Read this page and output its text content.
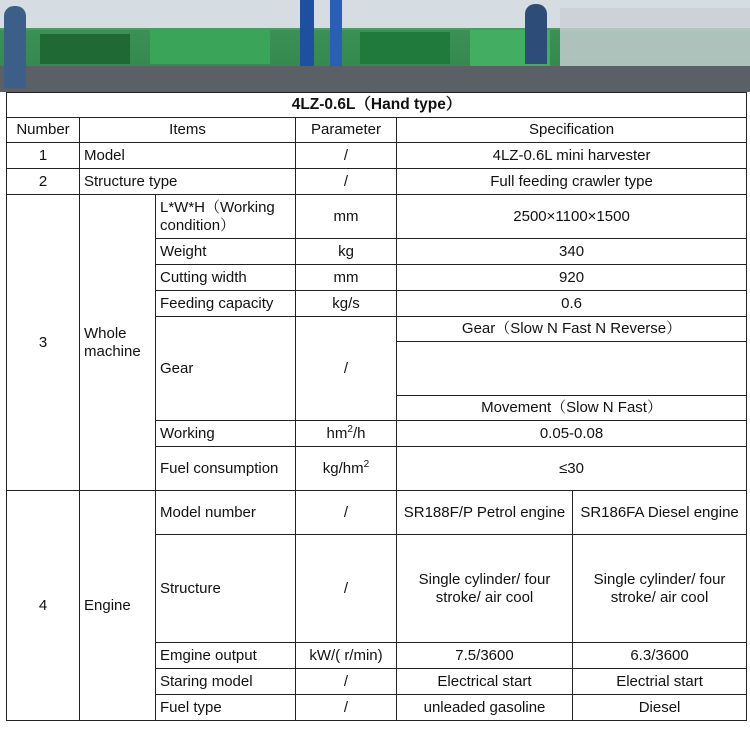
4LZ-0.6L（Hand type）					
Number	Items		Parameter	Specification	
1	Model		/	4LZ-0.6L mini harvester	
2	Structure type		/	Full feeding crawler type	
3	Whole machine	L*W*H（Working condition）	mm	2500×1100×1500	
		Weight	kg	340	
		Cutting width	mm	920	
		Feeding capacity	kg/s	0.6	
		Gear	/	Gear（Slow N Fast N Reverse）	

				Movement（Slow N Fast）	
		Working	$hm^2/h$	0.05-0.08	
		Fuel consumption	$kg/hm^2$	≤30	
4	Engine	Model number	/	SR188F/P Petrol engine	SR186FA Diesel engine
		Structure	/	Single cylinder/ four stroke/ air cool	Single cylinder/ four stroke/ air cool
		Emgine output	kW/( r/min)	7.5/3600	6.3/3600
		Staring model	/	Electrical start	Electrial start
		Fuel type	/	unleaded gasoline	Diesel
